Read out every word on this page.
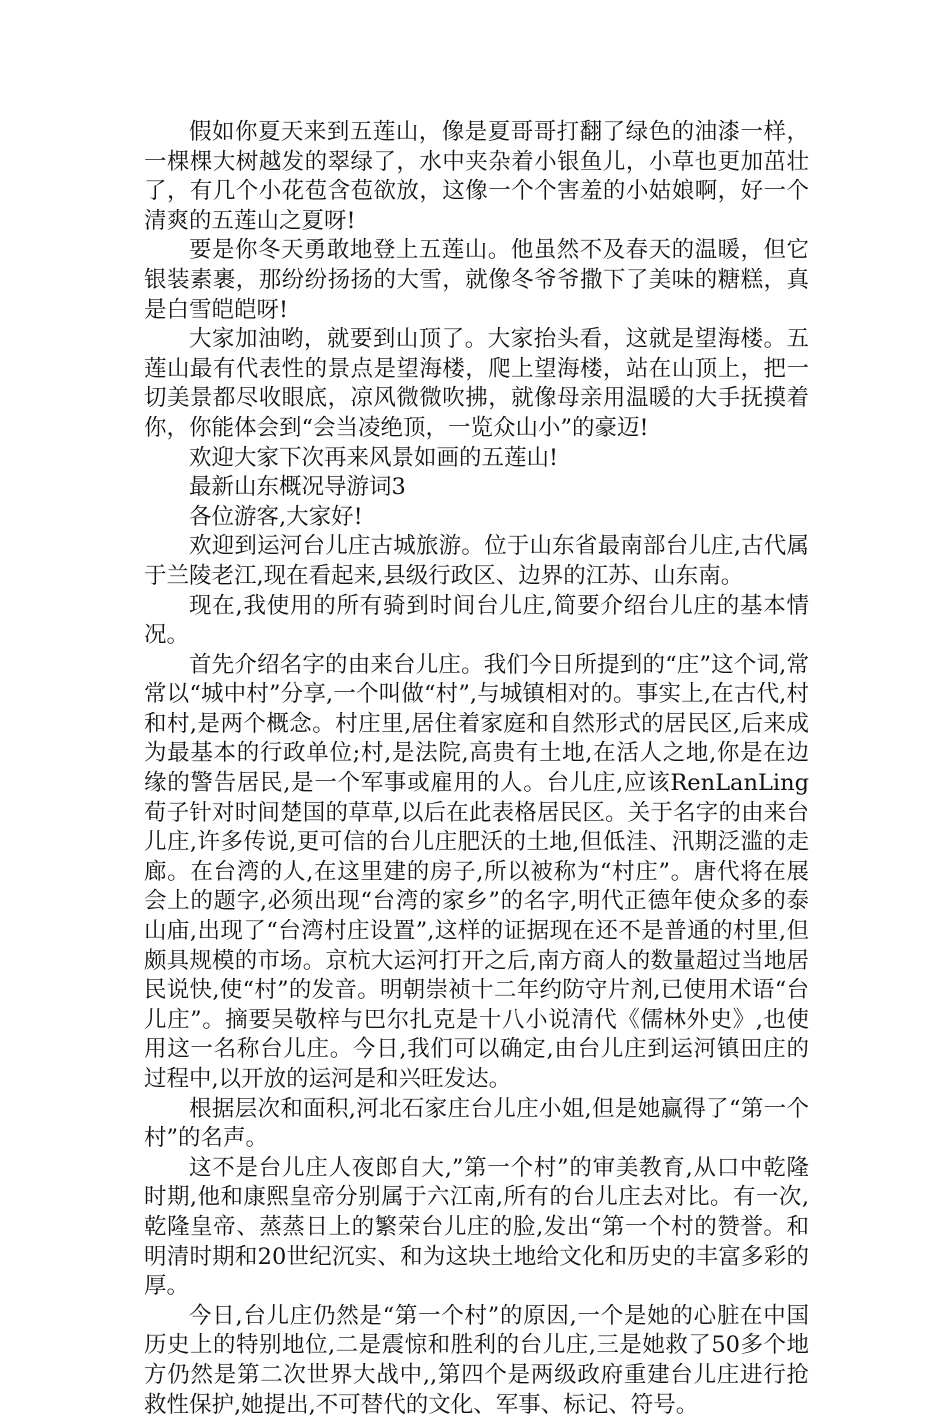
假如你夏天来到五莲山，像是夏哥哥打翻了绿色的油漆一样，一棵棵大树越发的翠绿了，水中夹杂着小银鱼儿，小草也更加茁壮了，有几个小花苞含苞欲放，这像一个个害羞的小姑娘啊，好一个清爽的五莲山之夏呀!

要是你冬天勇敢地登上五莲山。他虽然不及春天的温暖，但它银装素裹，那纷纷扬扬的大雪，就像冬爷爷撒下了美味的糖糕，真是白雪皑皑呀!

大家加油哟，就要到山顶了。大家抬头看，这就是望海楼。五莲山最有代表性的景点是望海楼，爬上望海楼，站在山顶上，把一切美景都尽收眼底，凉风微微吹拂，就像母亲用温暖的大手抚摸着你，你能体会到“会当凌绝顶，一览众山小”的豪迈!

欢迎大家下次再来风景如画的五莲山!

最新山东概况导游词3

各位游客,大家好!

欢迎到运河台儿庄古城旅游。位于山东省最南部台儿庄,古代属于兰陵老江,现在看起来,县级行政区、边界的江苏、山东南。

现在,我使用的所有骑到时间台儿庄,简要介绍台儿庄的基本情况。

首先介绍名字的由来台儿庄。我们今日所提到的“庄”这个词,常常以“城中村”分享,一个叫做“村”,与城镇相对的。事实上,在古代,村和村,是两个概念。村庄里,居住着家庭和自然形式的居民区,后来成为最基本的行政单位;村,是法院,高贵有土地,在活人之地,你是在边缘的警告居民,是一个军事或雇用的人。台儿庄,应该RenLanLing荀子针对时间楚国的草草,以后在此表格居民区。关于名字的由来台儿庄,许多传说,更可信的台儿庄肥沃的土地,但低洼、汛期泛滥的走廊。在台湾的人,在这里建的房子,所以被称为“村庄”。唐代将在展会上的题字,必须出现“台湾的家乡”的名字,明代正德年使众多的泰山庙,出现了“台湾村庄设置”,这样的证据现在还不是普通的村里,但颇具规模的市场。京杭大运河打开之后,南方商人的数量超过当地居民说快,使“村”的发音。明朝崇祯十二年约防守片剂,已使用术语“台儿庄”。摘要吴敬梓与巴尔扎克是十八小说清代《儒林外史》,也使用这一名称台儿庄。今日,我们可以确定,由台儿庄到运河镇田庄的过程中,以开放的运河是和兴旺发达。

根据层次和面积,河北石家庄台儿庄小姐,但是她赢得了“第一个村”的名声。

这不是台儿庄人夜郎自大,”第一个村”的审美教育,从口中乾隆时期,他和康熙皇帝分别属于六江南,所有的台儿庄去对比。有一次,乾隆皇帝、蒸蒸日上的繁荣台儿庄的脸,发出“第一个村的赞誉。和明清时期和20世纪沉实、和为这块土地给文化和历史的丰富多彩的厚。

今日,台儿庄仍然是“第一个村”的原因,一个是她的心脏在中国历史上的特别地位,二是震惊和胜利的台儿庄,三是她救了50多个地方仍然是第二次世界大战中,,第四个是两级政府重建台儿庄进行抢救性保护,她提出,不可替代的文化、军事、标记、符号。
